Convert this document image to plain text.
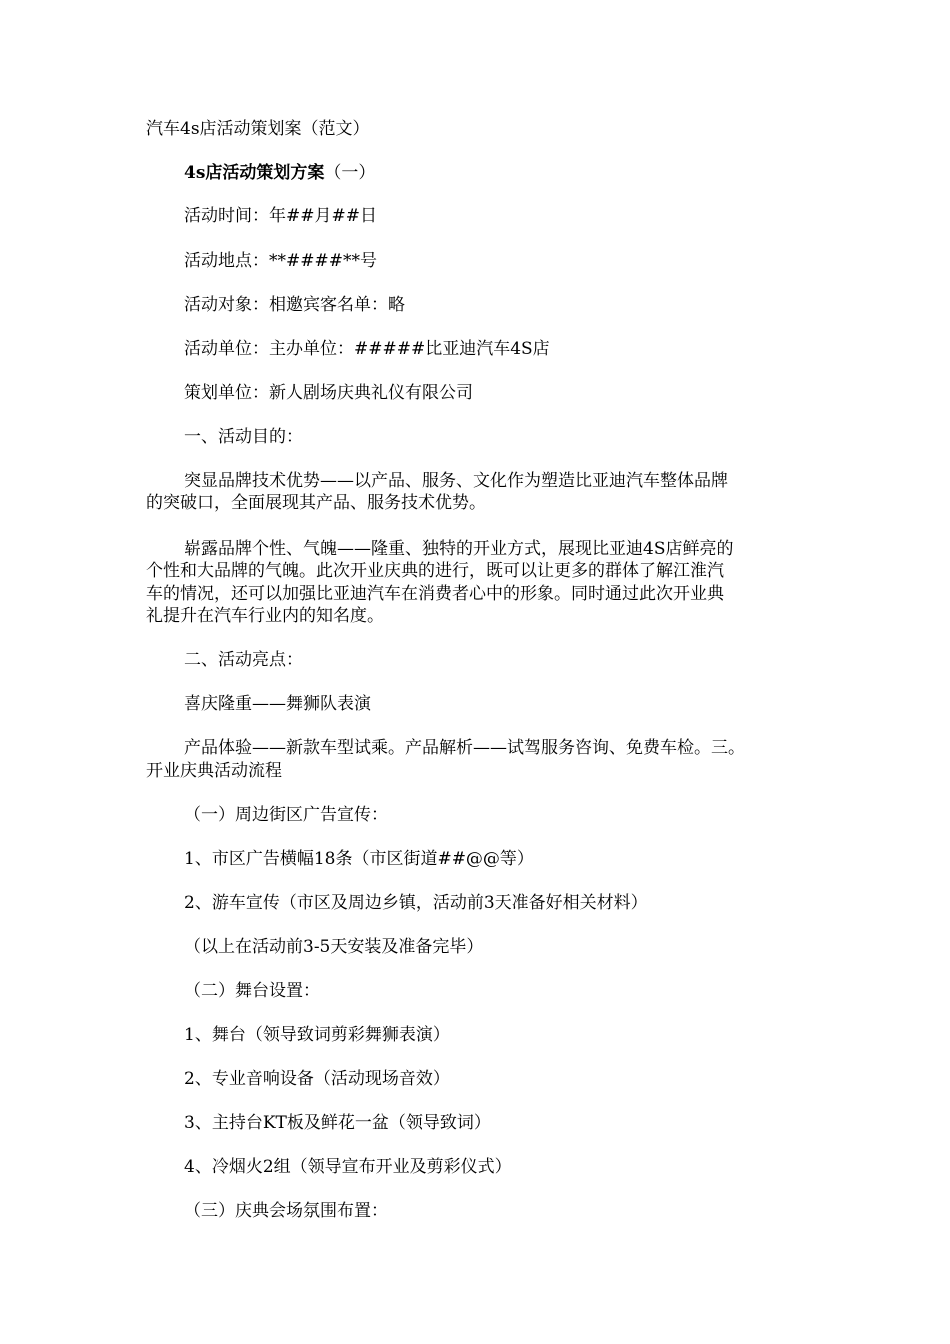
汽车4s店活动策划案（范文）
4s店活动策划方案（一）
活动时间：年##月##日
活动地点：**####**号
活动对象：相邀宾客名单：略
活动单位：主办单位：#####比亚迪汽车4S店
策划单位：新人剧场庆典礼仪有限公司
一、活动目的：
突显品牌技术优势——以产品、服务、文化作为塑造比亚迪汽车整体品牌
的突破口，全面展现其产品、服务技术优势。
崭露品牌个性、气魄——隆重、独特的开业方式，展现比亚迪4S店鲜亮的
个性和大品牌的气魄。此次开业庆典的进行，既可以让更多的群体了解江淮汽
车的情况，还可以加强比亚迪汽车在消费者心中的形象。同时通过此次开业典
礼提升在汽车行业内的知名度。
二、活动亮点：
喜庆隆重——舞狮队表演
产品体验——新款车型试乘。产品解析——试驾服务咨询、免费车检。三。
开业庆典活动流程
（一）周边街区广告宣传：
1、市区广告横幅18条（市区街道##@@等）
2、游车宣传（市区及周边乡镇，活动前3天准备好相关材料）
（以上在活动前3-5天安装及准备完毕）
（二）舞台设置：
1、舞台（领导致词剪彩舞狮表演）
2、专业音响设备（活动现场音效）
3、主持台KT板及鲜花一盆（领导致词）
4、冷烟火2组（领导宣布开业及剪彩仪式）
（三）庆典会场氛围布置：
